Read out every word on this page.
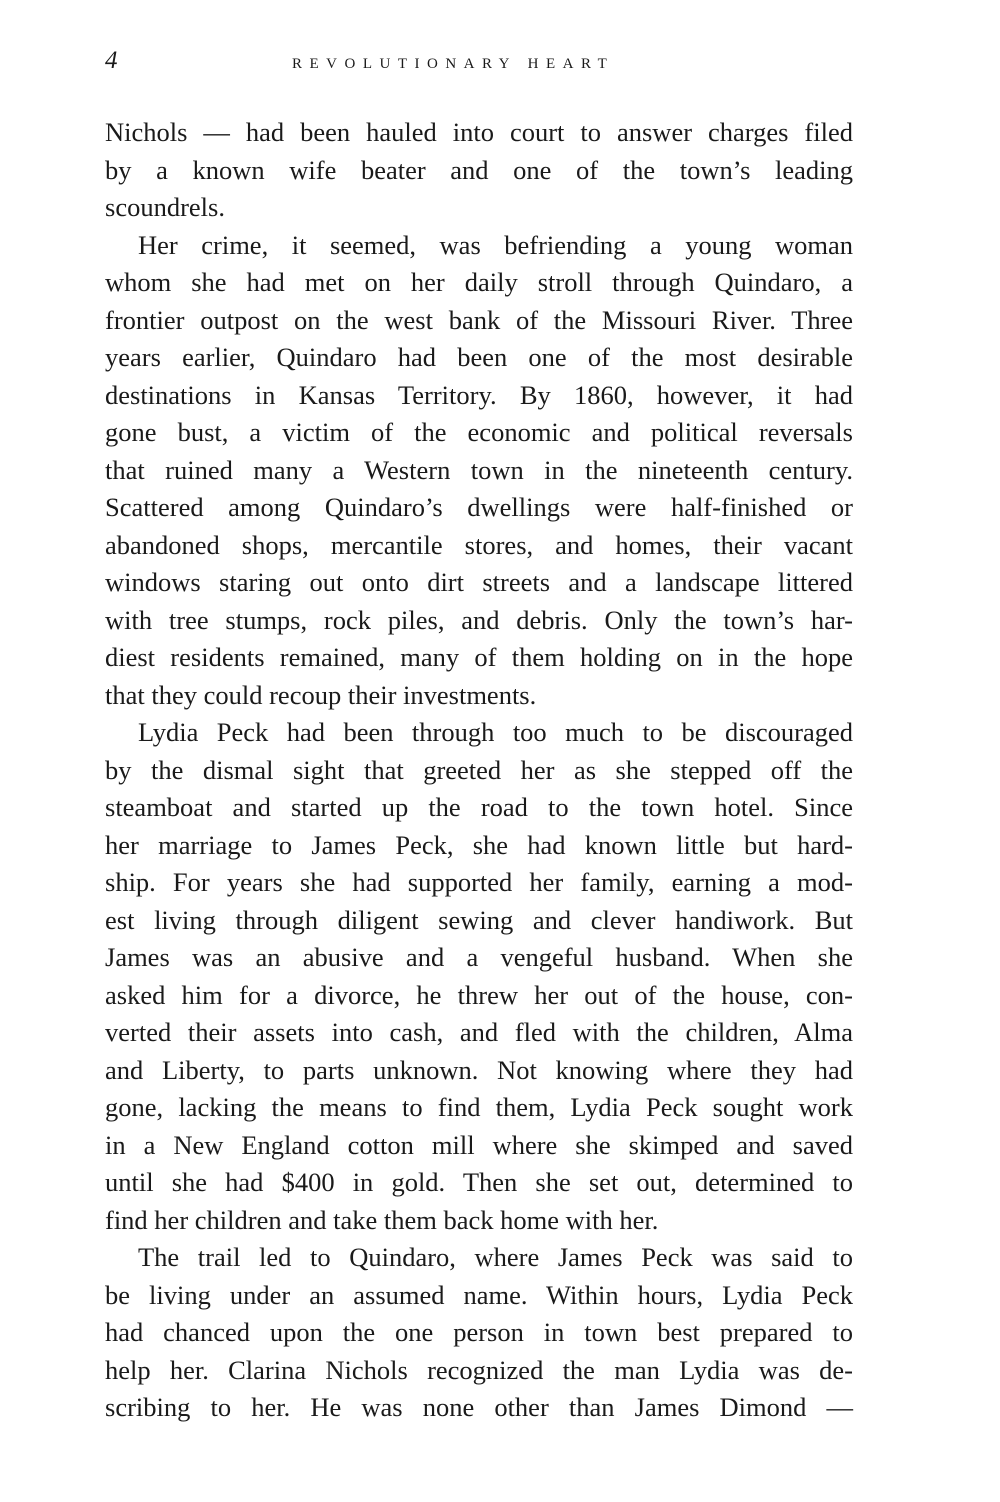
4	REVOLUTIONARY HEART

Nichols — had been hauled into court to answer charges filed
by a known wife beater and one of the town’s leading
scoundrels.

Her crime, it seemed, was befriending a young woman
whom she had met on her daily stroll through Quindaro, a
frontier outpost on the west bank of the Missouri River. Three
years earlier, Quindaro had been one of the most desirable
destinations in Kansas Territory. By 1860, however, it had
gone bust, a victim of the economic and political reversals
that ruined many a Western town in the nineteenth century.
Scattered among Quindaro’s dwellings were half-finished or
abandoned shops, mercantile stores, and homes, their vacant
windows staring out onto dirt streets and a landscape littered
with tree stumps, rock piles, and debris. Only the town’s har-
diest residents remained, many of them holding on in the hope
that they could recoup their investments.

Lydia Peck had been through too much to be discouraged
by the dismal sight that greeted her as she stepped off the
steamboat and started up the road to the town hotel. Since
her marriage to James Peck, she had known little but hard-
ship. For years she had supported her family, earning a mod-
est living through diligent sewing and clever handiwork. But
James was an abusive and a vengeful husband. When she
asked him for a divorce, he threw her out of the house, con-
verted their assets into cash, and fled with the children, Alma
and Liberty, to parts unknown. Not knowing where they had
gone, lacking the means to find them, Lydia Peck sought work
in a New England cotton mill where she skimped and saved
until she had $400 in gold. Then she set out, determined to
find her children and take them back home with her.

The trail led to Quindaro, where James Peck was said to
be living under an assumed name. Within hours, Lydia Peck
had chanced upon the one person in town best prepared to
help her. Clarina Nichols recognized the man Lydia was de-
scribing to her. He was none other than James Dimond —
